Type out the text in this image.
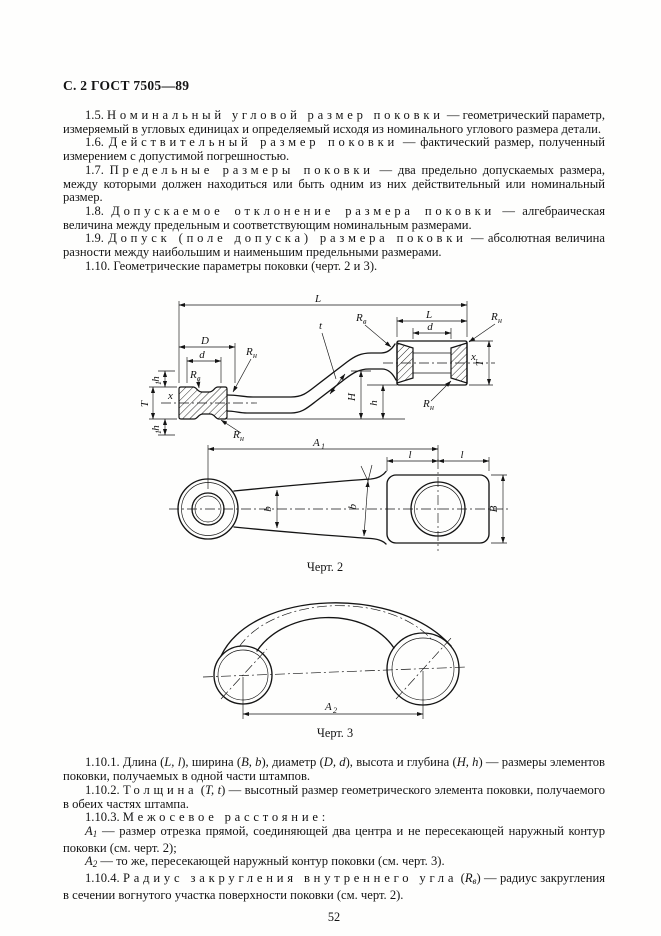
С. 2 ГОСТ 7505—89

1.5. Номинальный угловой размер поковки — геометрический параметр, измеряемый в угловых единицах и определяемый исходя из номинального углового размера детали.

1.6. Действительный размер поковки — фактический размер, полученный измерением с допустимой погрешностью.

1.7. Предельные размеры поковки — два предельно допускаемых размера, между которыми должен находиться или быть одним из них действительный или номинальный размер.

1.8. Допускаемое отклонение размера поковки — алгебраическая величина между предельным и соответствующим номинальным размерами.

1.9. Допуск (поле допуска) размера поковки — абсолютная величина разности между наибольшим и наименьшим предельными размерами.

1.10. Геометрические параметры поковки (черт. 2 и 3).

L
L
d
R н
R в
D
d
R в
R н
t
x
x
T
T
h
1
h
1	R н
H
h	R н
A 1
l	l
b	b	B
Черт. 2
A 2
Черт. 3

1.10.1. Длина (L, l), ширина (B, b), диаметр (D, d), высота и глубина (H, h) — размеры элементов поковки, получаемых в одной части штампов.

1.10.2. Толщина (T, t) — высотный размер геометрического элемента поковки, получаемого в обеих частях штампа.

1.10.3. Межосевое расстояние:

A1 — размер отрезка прямой, соединяющей два центра и не пересекающей наружный контур поковки (см. черт. 2);

A2 — то же, пересекающей наружный контур поковки (см. черт. 3).

1.10.4. Радиус закругления внутреннего угла (Rв) — радиус закругления в сечении вогнутого участка поверхности поковки (см. черт. 2).

52
